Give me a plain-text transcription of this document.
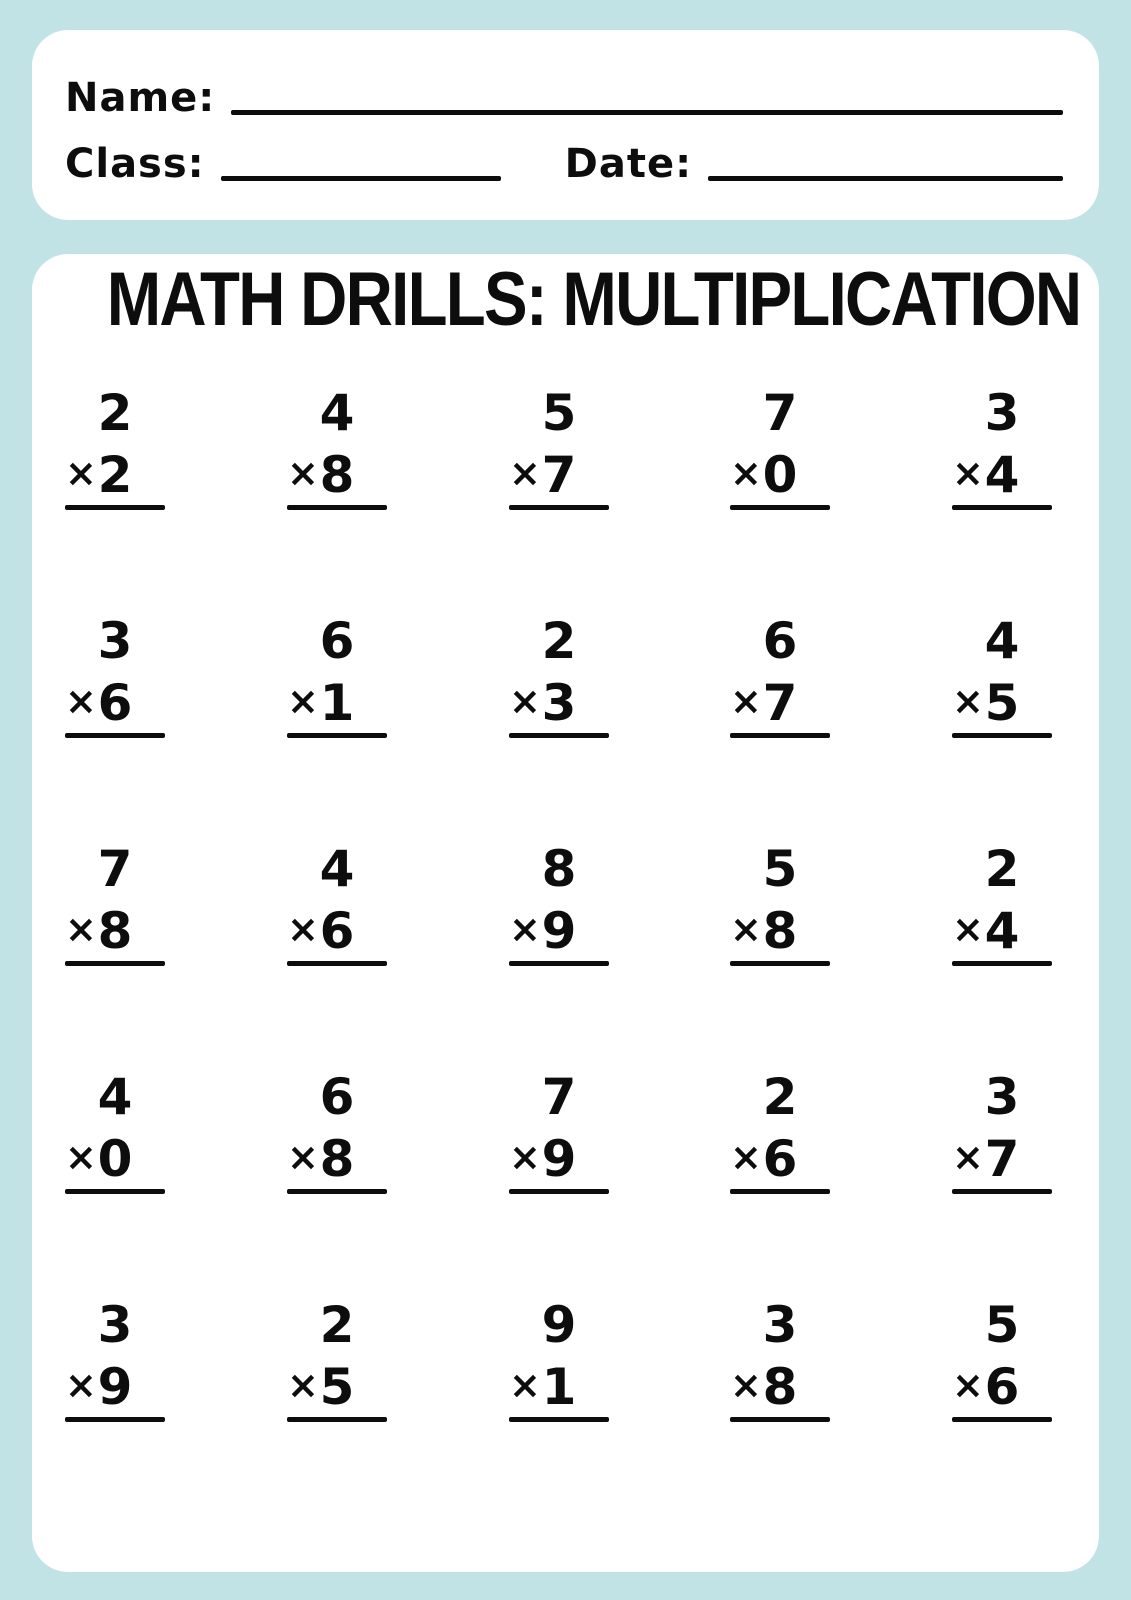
Name:
Class:	Date:
MATH DRILLS: MULTIPLICATION
2
× 2
4
× 8
5
× 7
7
× 0
3
× 4
3
× 6
6
× 1
2
× 3
6
× 7
4
× 5
7
× 8
4
× 6
8
× 9
5
× 8
2
× 4
4
× 0
6
× 8
7
× 9
2
× 6
3
× 7
3
× 9
2
× 5
9
× 1
3
× 8
5
× 6
